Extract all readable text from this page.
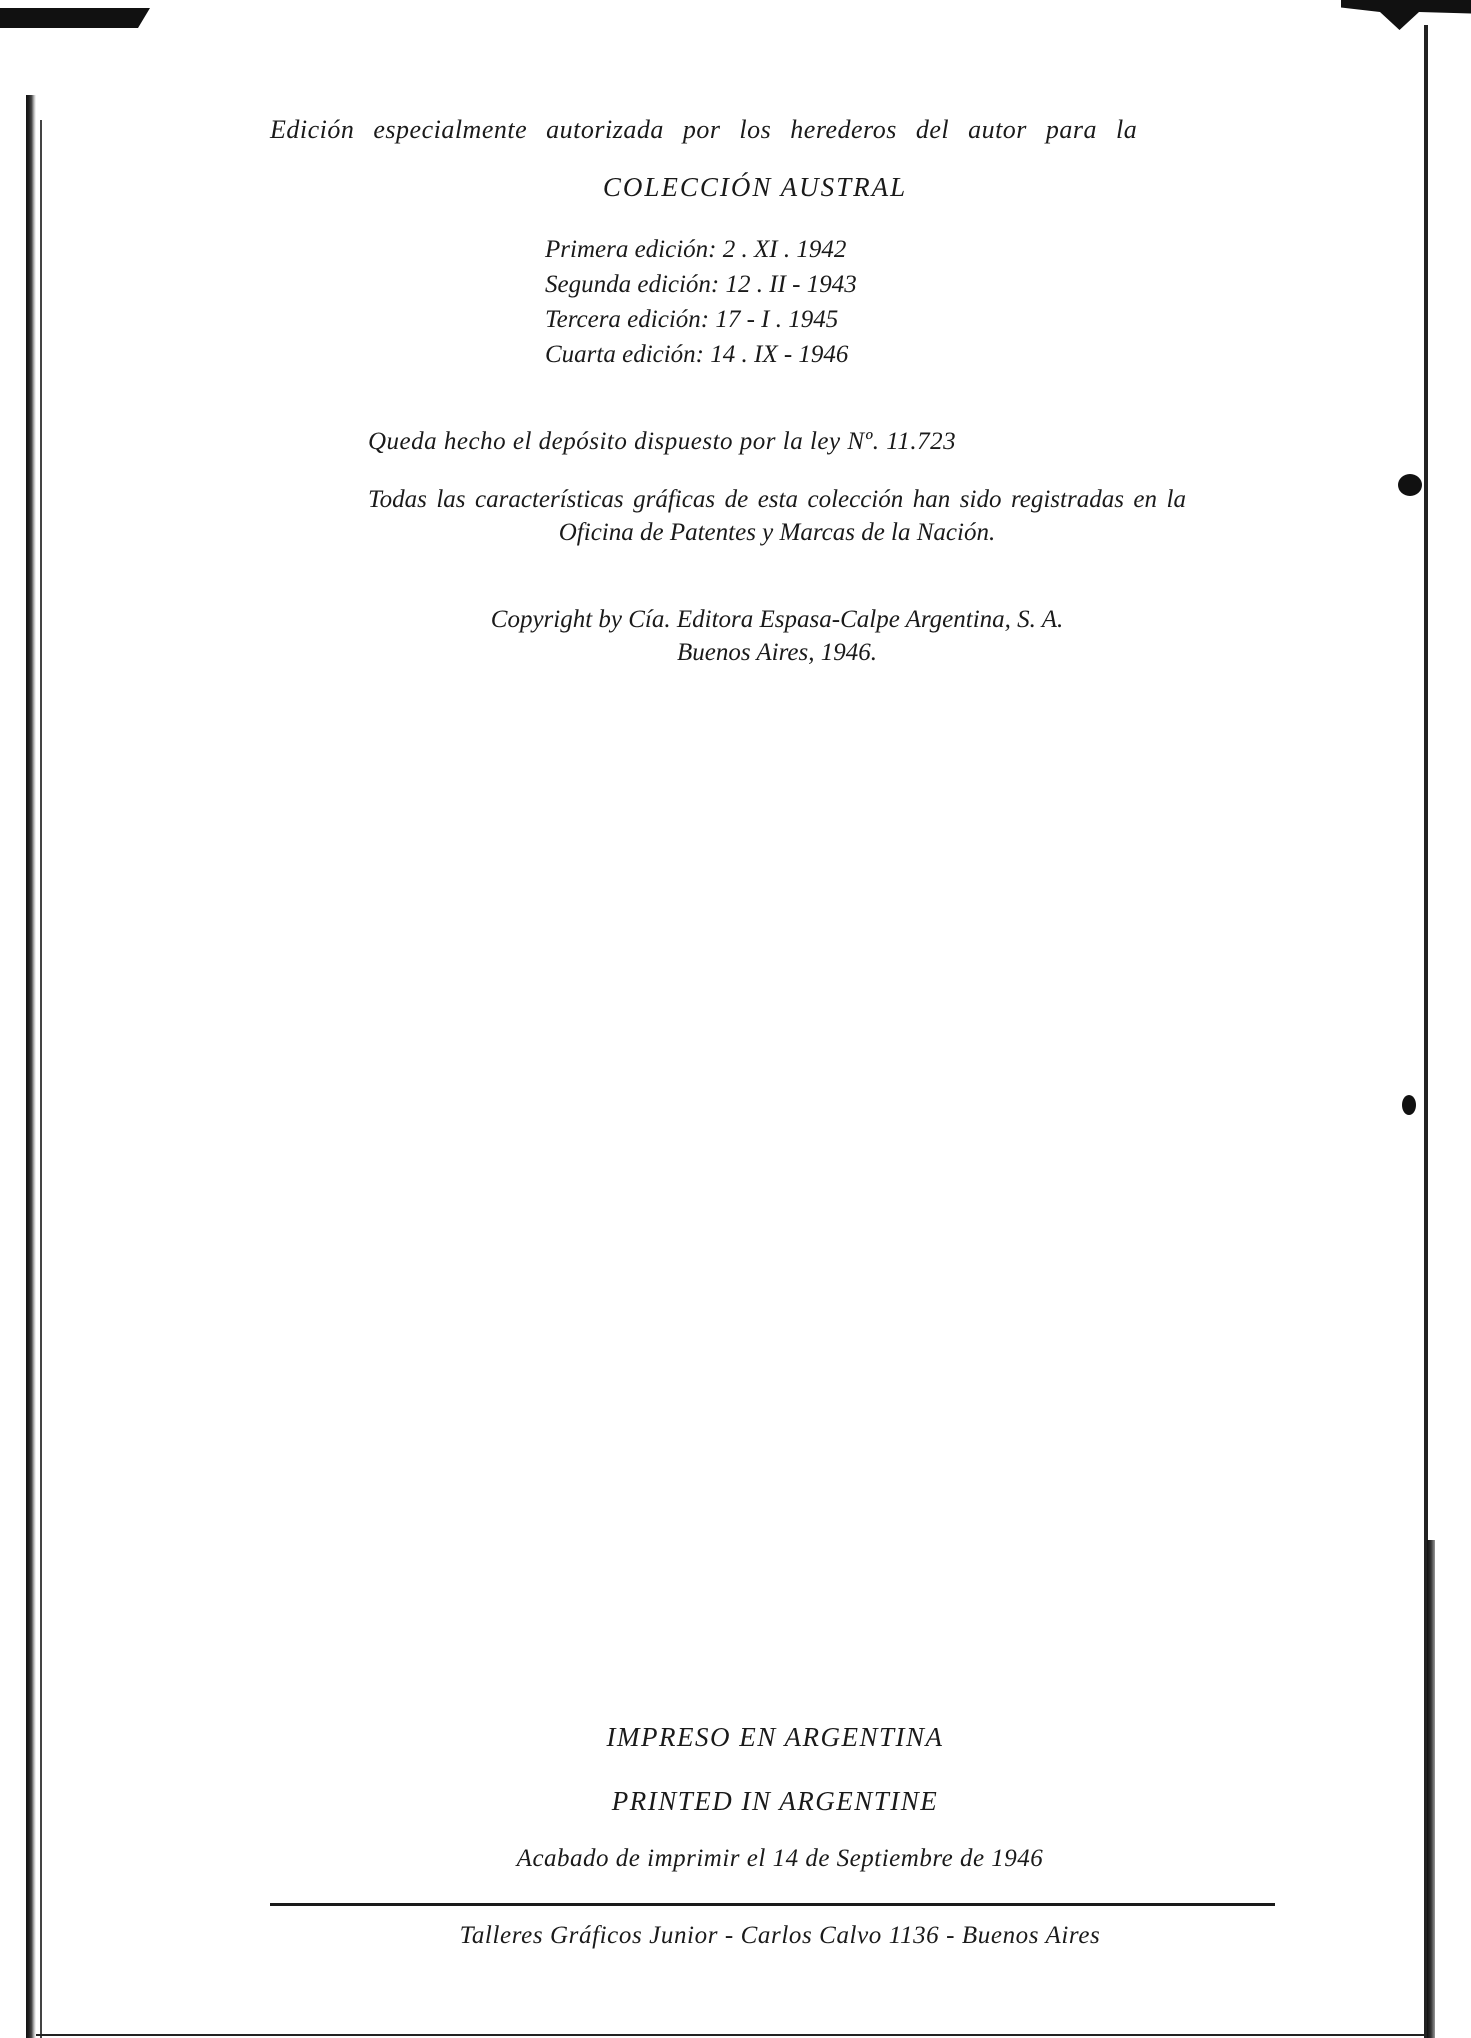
Edición especialmente autorizada por los herederos del autor para la
COLECCIÓN AUSTRAL
Primera edición: 2 . XI . 1942
Segunda edición: 12 . II - 1943
Tercera edición: 17 - I . 1945
Cuarta edición: 14 . IX - 1946
Queda hecho el depósito dispuesto por la ley Nº. 11.723
Todas las características gráficas de esta colección han sido registradas en la Oficina de Patentes y Marcas de la Nación.
Copyright by Cía. Editora Espasa-Calpe Argentina, S. A.
Buenos Aires, 1946.
IMPRESO EN ARGENTINA
PRINTED IN ARGENTINE
Acabado de imprimir el 14 de Septiembre de 1946
Talleres Gráficos Junior - Carlos Calvo 1136 - Buenos Aires
